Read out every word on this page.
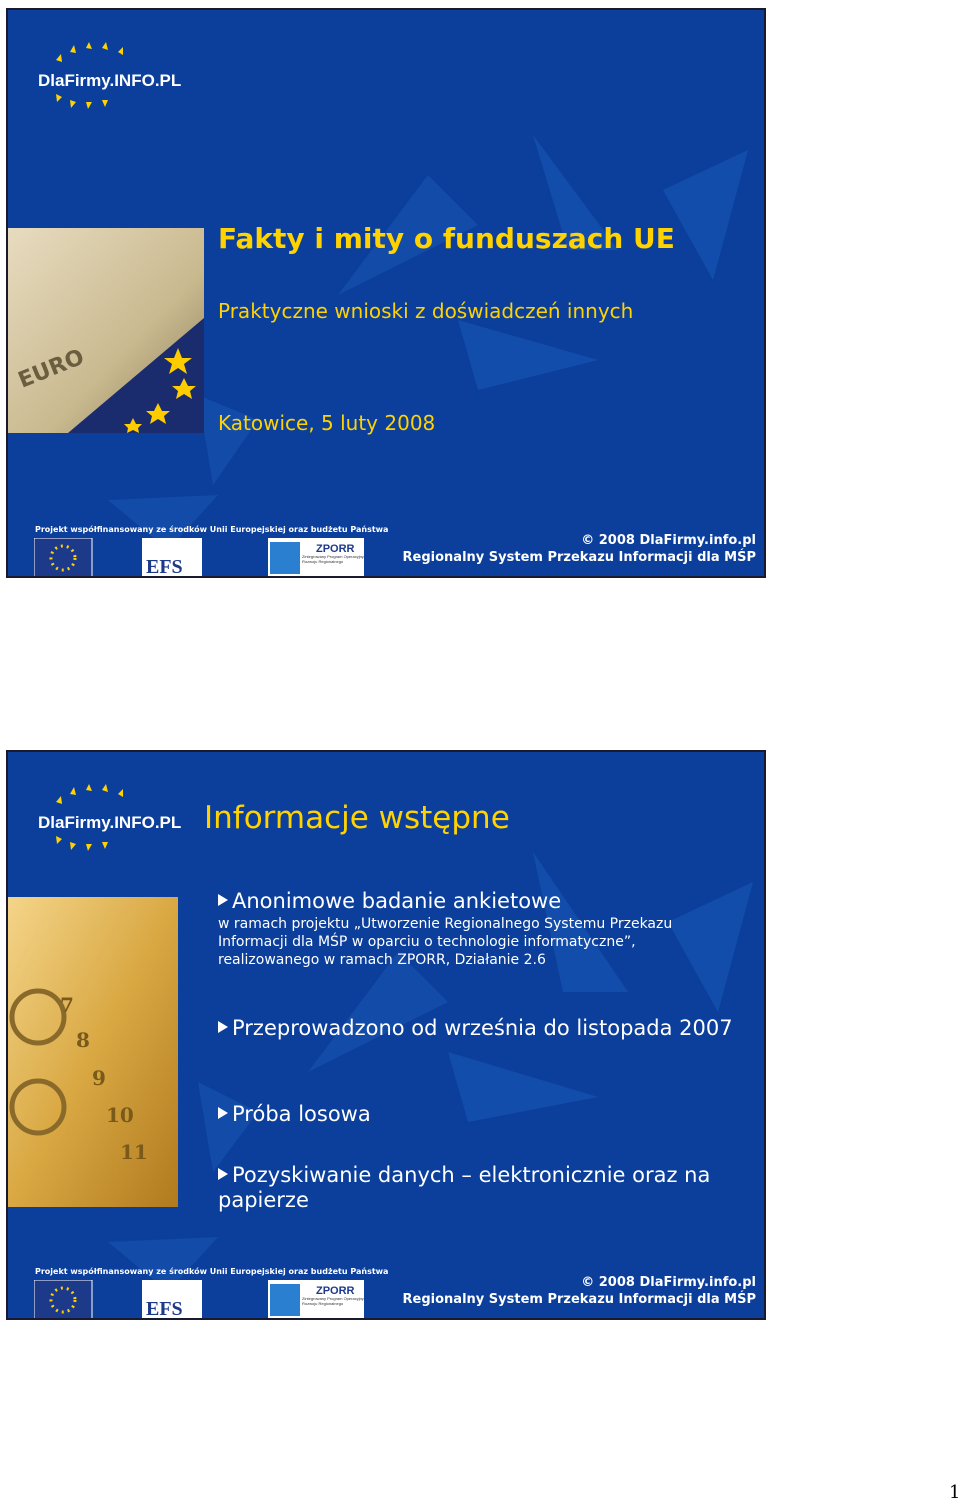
DlaFirmy.INFO.PL
EURO
Fakty i mity o funduszach UE
Praktyczne wnioski z doświadczeń innych
Katowice, 5 luty 2008
Projekt współfinansowany ze środków Unii Europejskiej oraz budżetu Państwa
EFS
ZPORR
Zintegrowany Program Operacyjny Rozwoju Regionalnego
© 2008 DlaFirmy.info.pl
Regionalny System Przekazu Informacji dla MŚP
DlaFirmy.INFO.PL Informacje wstępne
7
8
9
10
11
Anonimowe badanie ankietowe
w ramach projektu „Utworzenie Regionalnego Systemu Przekazu Informacji dla MŚP w oparciu o technologie informatyczne”, realizowanego w ramach ZPORR, Działanie 2.6
Przeprowadzono od września do listopada 2007
Próba losowa
Pozyskiwanie danych – elektronicznie oraz na papierze
Projekt współfinansowany ze środków Unii Europejskiej oraz budżetu Państwa
EFS
ZPORR
Zintegrowany Program Operacyjny Rozwoju Regionalnego
© 2008 DlaFirmy.info.pl
Regionalny System Przekazu Informacji dla MŚP
1
